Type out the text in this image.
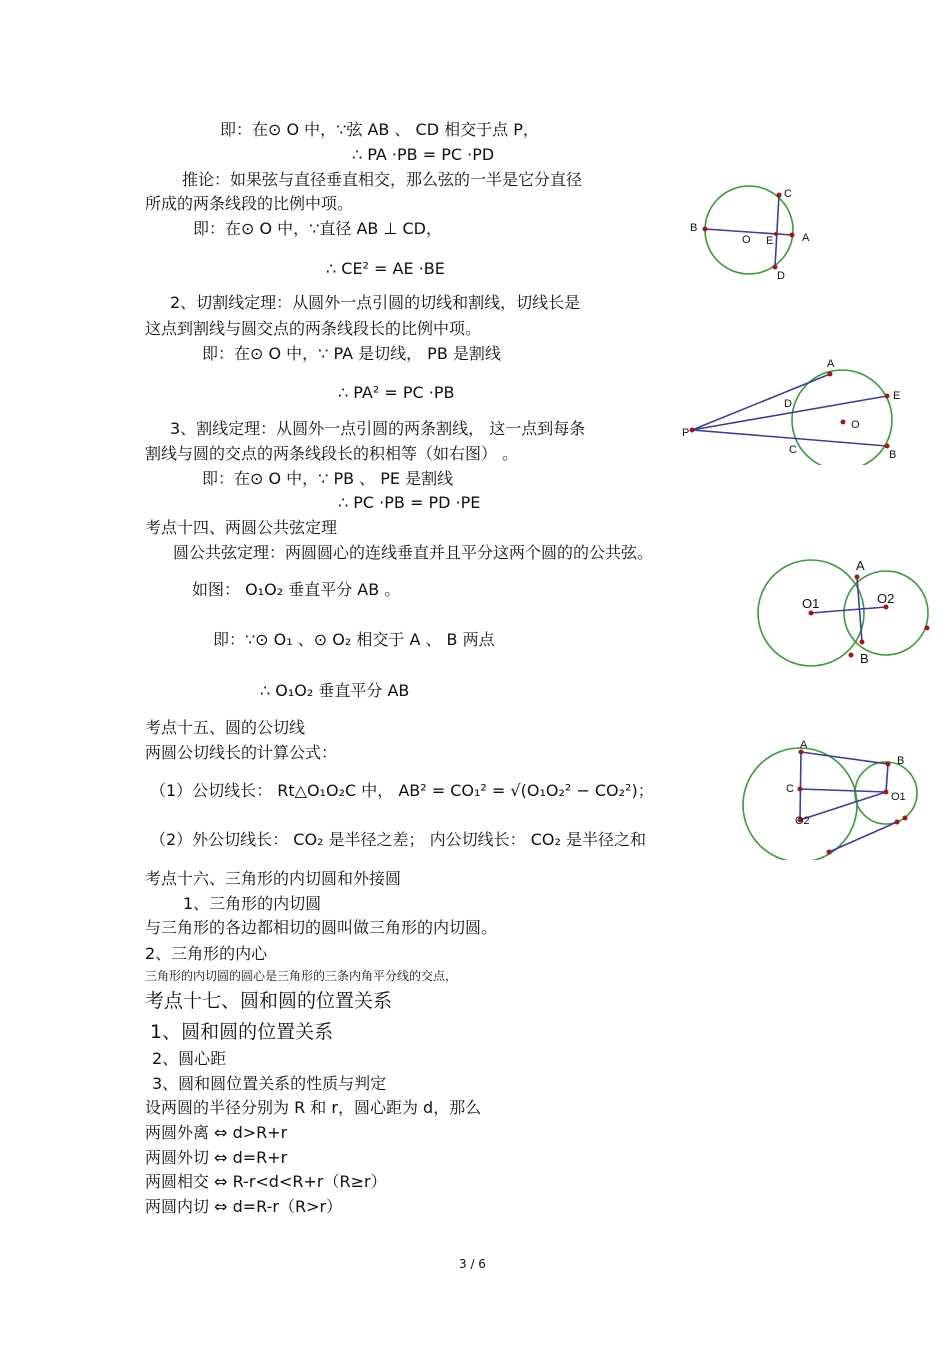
即：在⊙ O 中，∵弦 AB 、 CD 相交于点 P，
∴ PA ·PB = PC ·PD
推论：如果弦与直径垂直相交，那么弦的一半是它分直径
所成的两条线段的比例中项。
即：在⊙ O 中，∵直径 AB ⊥ CD，
∴ CE² = AE ·BE
2、切割线定理：从圆外一点引圆的切线和割线，切线长是
这点到割线与圆交点的两条线段长的比例中项。
即：在⊙ O 中，∵ PA 是切线， PB 是割线
∴ PA² = PC ·PB
3、割线定理：从圆外一点引圆的两条割线， 这一点到每条
割线与圆的交点的两条线段长的积相等（如右图） 。
即：在⊙ O 中，∵ PB 、 PE 是割线
∴ PC ·PB = PD ·PE
考点十四、两圆公共弦定理
圆公共弦定理：两圆圆心的连线垂直并且平分这两个圆的的公共弦。
如图： O₁O₂ 垂直平分 AB 。
即：∵⊙ O₁ 、⊙ O₂ 相交于 A 、 B 两点
∴ O₁O₂ 垂直平分 AB
考点十五、圆的公切线
两圆公切线长的计算公式：
（1）公切线长： Rt△O₁O₂C 中， AB² = CO₁² = √(O₁O₂² − CO₂²)；
（2）外公切线长： CO₂ 是半径之差； 内公切线长： CO₂ 是半径之和
考点十六、三角形的内切圆和外接圆
1、三角形的内切圆
与三角形的各边都相切的圆叫做三角形的内切圆。
2、三角形的内心
三角形的内切圆的圆心是三角形的三条内角平分线的交点，
考点十七、圆和圆的位置关系
1、圆和圆的位置关系
2、圆心距
3、圆和圆位置关系的性质与判定
设两圆的半径分别为 R 和 r，圆心距为 d，那么
两圆外离 ⇔ d>R+r
两圆外切 ⇔ d=R+r
两圆相交 ⇔ R-r<d<R+r（R≥r）
两圆内切 ⇔ d=R-r（R>r）
3 / 6
B
O E	A
C
D
A
E
D
O
P
C	B
A
O1	O2
B
A
B
C
O1
O2
